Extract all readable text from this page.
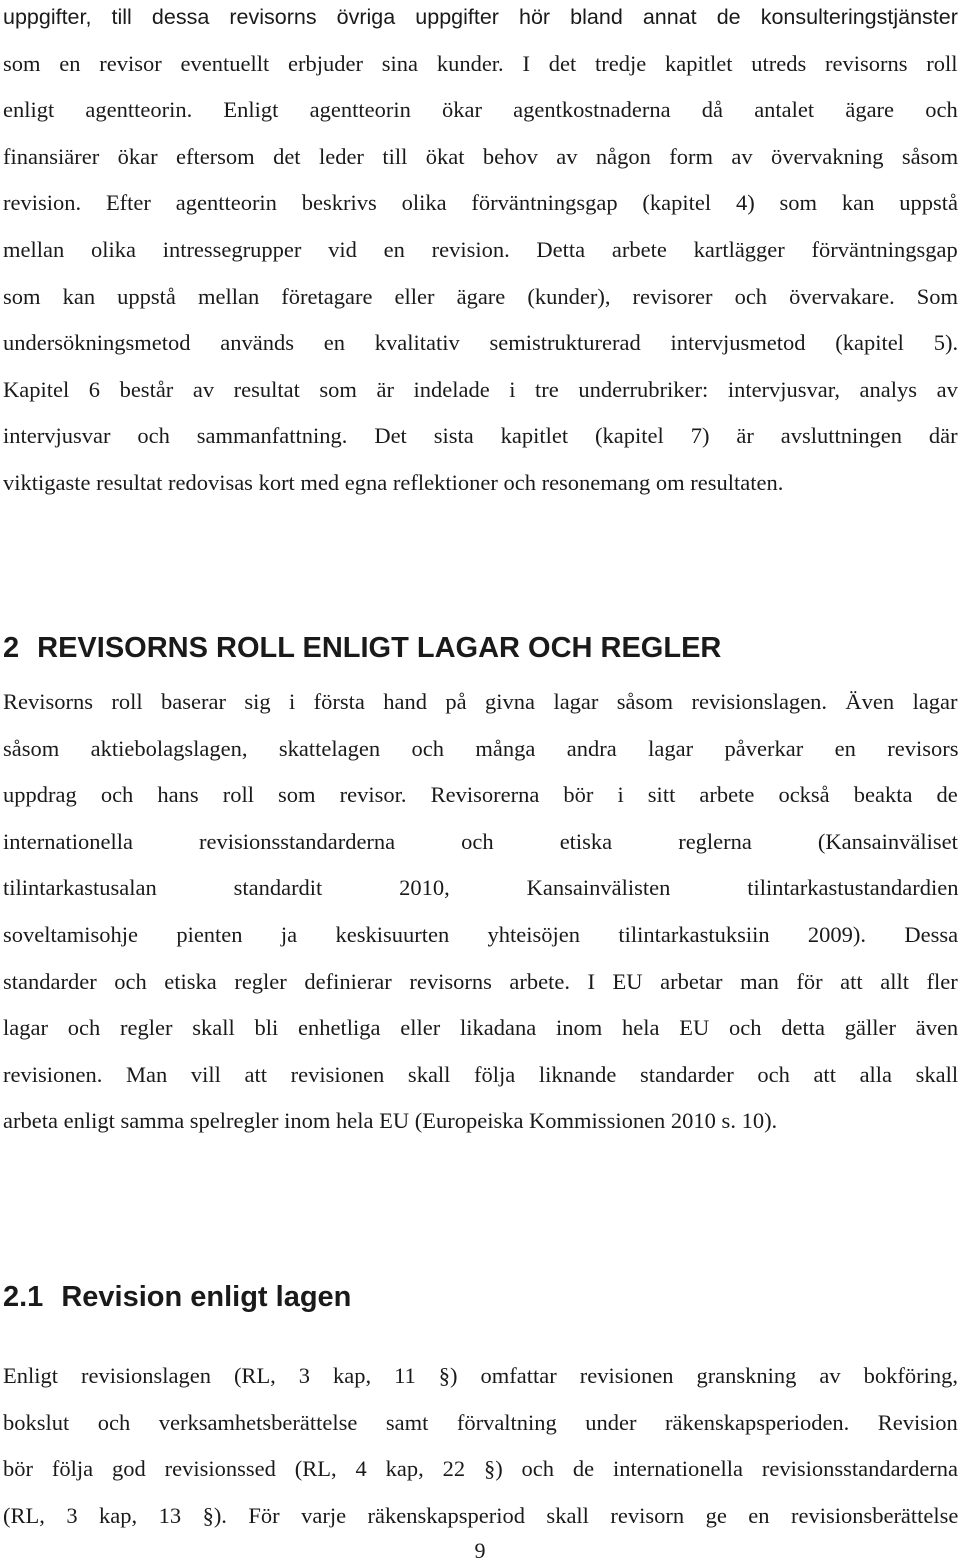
uppgifter, till dessa revisorns övriga uppgifter hör bland annat de konsulteringstjänster
som en revisor eventuellt erbjuder sina kunder. I det tredje kapitlet utreds revisorns roll
enligt agentteorin. Enligt agentteorin ökar agentkostnaderna då antalet ägare och
finansiärer ökar eftersom det leder till ökat behov av någon form av övervakning såsom
revision. Efter agentteorin beskrivs olika förväntningsgap (kapitel 4) som kan uppstå
mellan olika intressegrupper vid en revision. Detta arbete kartlägger förväntningsgap
som kan uppstå mellan företagare eller ägare (kunder), revisorer och övervakare. Som
undersökningsmetod används en kvalitativ semistrukturerad intervjusmetod (kapitel 5).
Kapitel 6 består av resultat som är indelade i tre underrubriker: intervjusvar, analys av
intervjusvar och sammanfattning. Det sista kapitlet (kapitel 7) är avsluttningen där
viktigaste resultat redovisas kort med egna reflektioner och resonemang om resultaten.
2 REVISORNS ROLL ENLIGT LAGAR OCH REGLER
Revisorns roll baserar sig i första hand på givna lagar såsom revisionslagen. Även lagar
såsom aktiebolagslagen, skattelagen och många andra lagar påverkar en revisors
uppdrag och hans roll som revisor. Revisorerna bör i sitt arbete också beakta de
internationella revisionsstandarderna och etiska reglerna (Kansainväliset
tilintarkastusalan standardit 2010, Kansainvälisten tilintarkastustandardien
soveltamisohje pienten ja keskisuurten yhteisöjen tilintarkastuksiin 2009). Dessa
standarder och etiska regler definierar revisorns arbete. I EU arbetar man för att allt fler
lagar och regler skall bli enhetliga eller likadana inom hela EU och detta gäller även
revisionen. Man vill att revisionen skall följa liknande standarder och att alla skall
arbeta enligt samma spelregler inom hela EU (Europeiska Kommissionen 2010 s. 10).
2.1 Revision enligt lagen
Enligt revisionslagen (RL, 3 kap, 11 §) omfattar revisionen granskning av bokföring,
bokslut och verksamhetsberättelse samt förvaltning under räkenskapsperioden. Revision
bör följa god revisionssed (RL, 4 kap, 22 §) och de internationella revisionsstandarderna
(RL, 3 kap, 13 §). För varje räkenskapsperiod skall revisorn ge en revisionsberättelse
9
